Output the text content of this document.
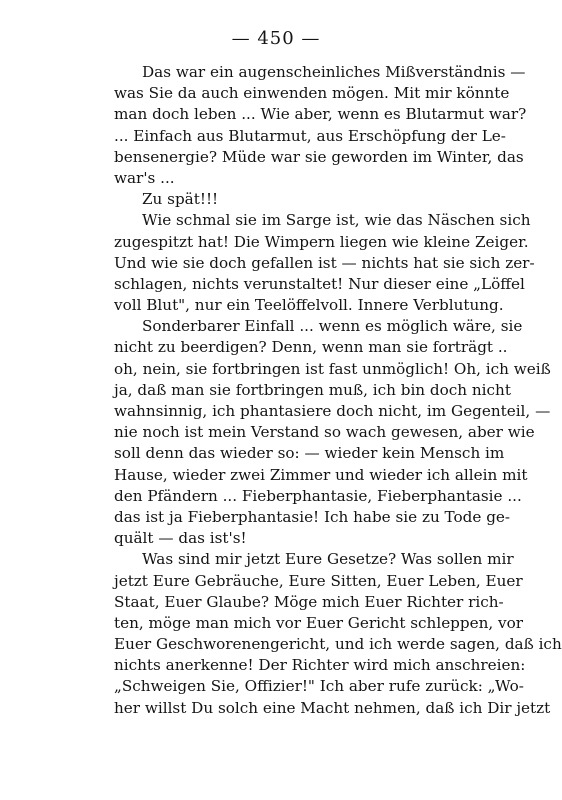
— 450 —
Das war ein augenscheinliches Mißverständnis —
was Sie da auch einwenden mögen. Mit mir könnte
man doch leben ... Wie aber, wenn es Blutarmut war?
... Einfach aus Blutarmut, aus Erschöpfung der Le-
bensenergie? Müde war sie geworden im Winter, das
war's ...
Zu spät!!!
Wie schmal sie im Sarge ist, wie das Näschen sich
zugespitzt hat! Die Wimpern liegen wie kleine Zeiger.
Und wie sie doch gefallen ist — nichts hat sie sich zer-
schlagen, nichts verunstaltet! Nur dieser eine „Löffel
voll Blut", nur ein Teelöffelvoll. Innere Verblutung.
Sonderbarer Einfall ... wenn es möglich wäre, sie
nicht zu beerdigen? Denn, wenn man sie forträgt ..
oh, nein, sie fortbringen ist fast unmöglich! Oh, ich weiß
ja, daß man sie fortbringen muß, ich bin doch nicht
wahnsinnig, ich phantasiere doch nicht, im Gegenteil, —
nie noch ist mein Verstand so wach gewesen, aber wie
soll denn das wieder so: — wieder kein Mensch im
Hause, wieder zwei Zimmer und wieder ich allein mit
den Pfändern ... Fieberphantasie, Fieberphantasie ...
das ist ja Fieberphantasie! Ich habe sie zu Tode ge-
quält — das ist's!
Was sind mir jetzt Eure Gesetze? Was sollen mir
jetzt Eure Gebräuche, Eure Sitten, Euer Leben, Euer
Staat, Euer Glaube? Möge mich Euer Richter rich-
ten, möge man mich vor Euer Gericht schleppen, vor
Euer Geschworenengericht, und ich werde sagen, daß ich
nichts anerkenne! Der Richter wird mich anschreien:
„Schweigen Sie, Offizier!" Ich aber rufe zurück: „Wo-
her willst Du solch eine Macht nehmen, daß ich Dir jetzt
